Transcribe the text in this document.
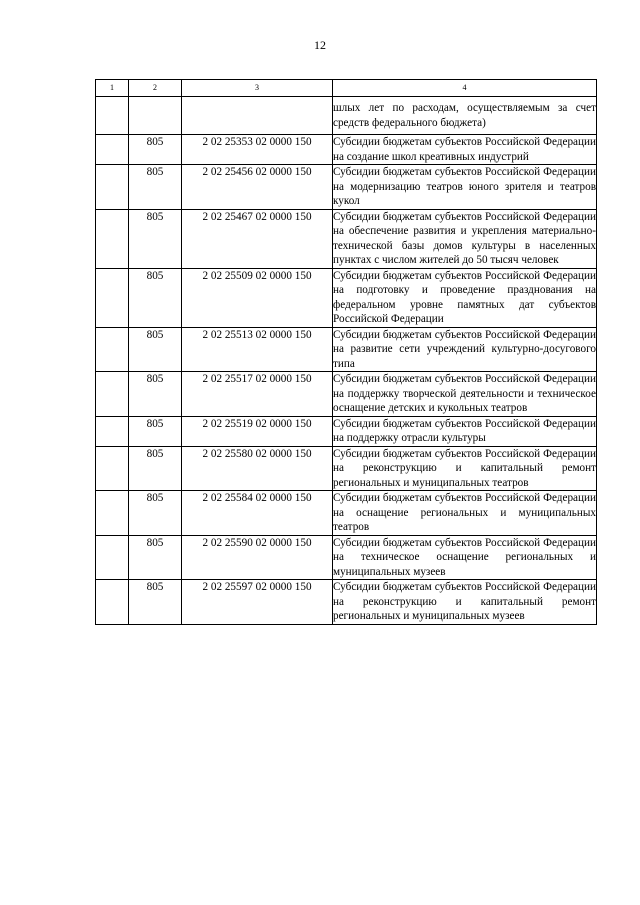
12
1	2	3	4
			шлых лет по расходам, осуществляемым за счет средств федерального бюджета)
	805	2 02 25353 02 0000 150	Субсидии бюджетам субъектов Российской Федерации на создание школ креативных индустрий
	805	2 02 25456 02 0000 150	Субсидии бюджетам субъектов Российской Федерации на модернизацию театров юного зрителя и театров кукол
	805	2 02 25467 02 0000 150	Субсидии бюджетам субъектов Российской Федерации на обеспечение развития и укрепления материально-технической базы домов культуры в населенных пунктах с числом жителей до 50 тысяч человек
	805	2 02 25509 02 0000 150	Субсидии бюджетам субъектов Российской Федерации на подготовку и проведение празднования на федеральном уровне памятных дат субъектов Российской Федерации
	805	2 02 25513 02 0000 150	Субсидии бюджетам субъектов Российской Федерации на развитие сети учреждений культурно-досугового типа
	805	2 02 25517 02 0000 150	Субсидии бюджетам субъектов Российской Федерации на поддержку творческой деятельности и техническое оснащение детских и кукольных театров
	805	2 02 25519 02 0000 150	Субсидии бюджетам субъектов Российской Федерации на поддержку отрасли культуры
	805	2 02 25580 02 0000 150	Субсидии бюджетам субъектов Российской Федерации на реконструкцию и капитальный ремонт региональных и муниципальных театров
	805	2 02 25584 02 0000 150	Субсидии бюджетам субъектов Российской Федерации на оснащение региональных и муниципальных театров
	805	2 02 25590 02 0000 150	Субсидии бюджетам субъектов Российской Федерации на техническое оснащение региональных и муниципальных музеев
	805	2 02 25597 02 0000 150	Субсидии бюджетам субъектов Российской Федерации на реконструкцию и капитальный ремонт региональных и муниципальных музеев
